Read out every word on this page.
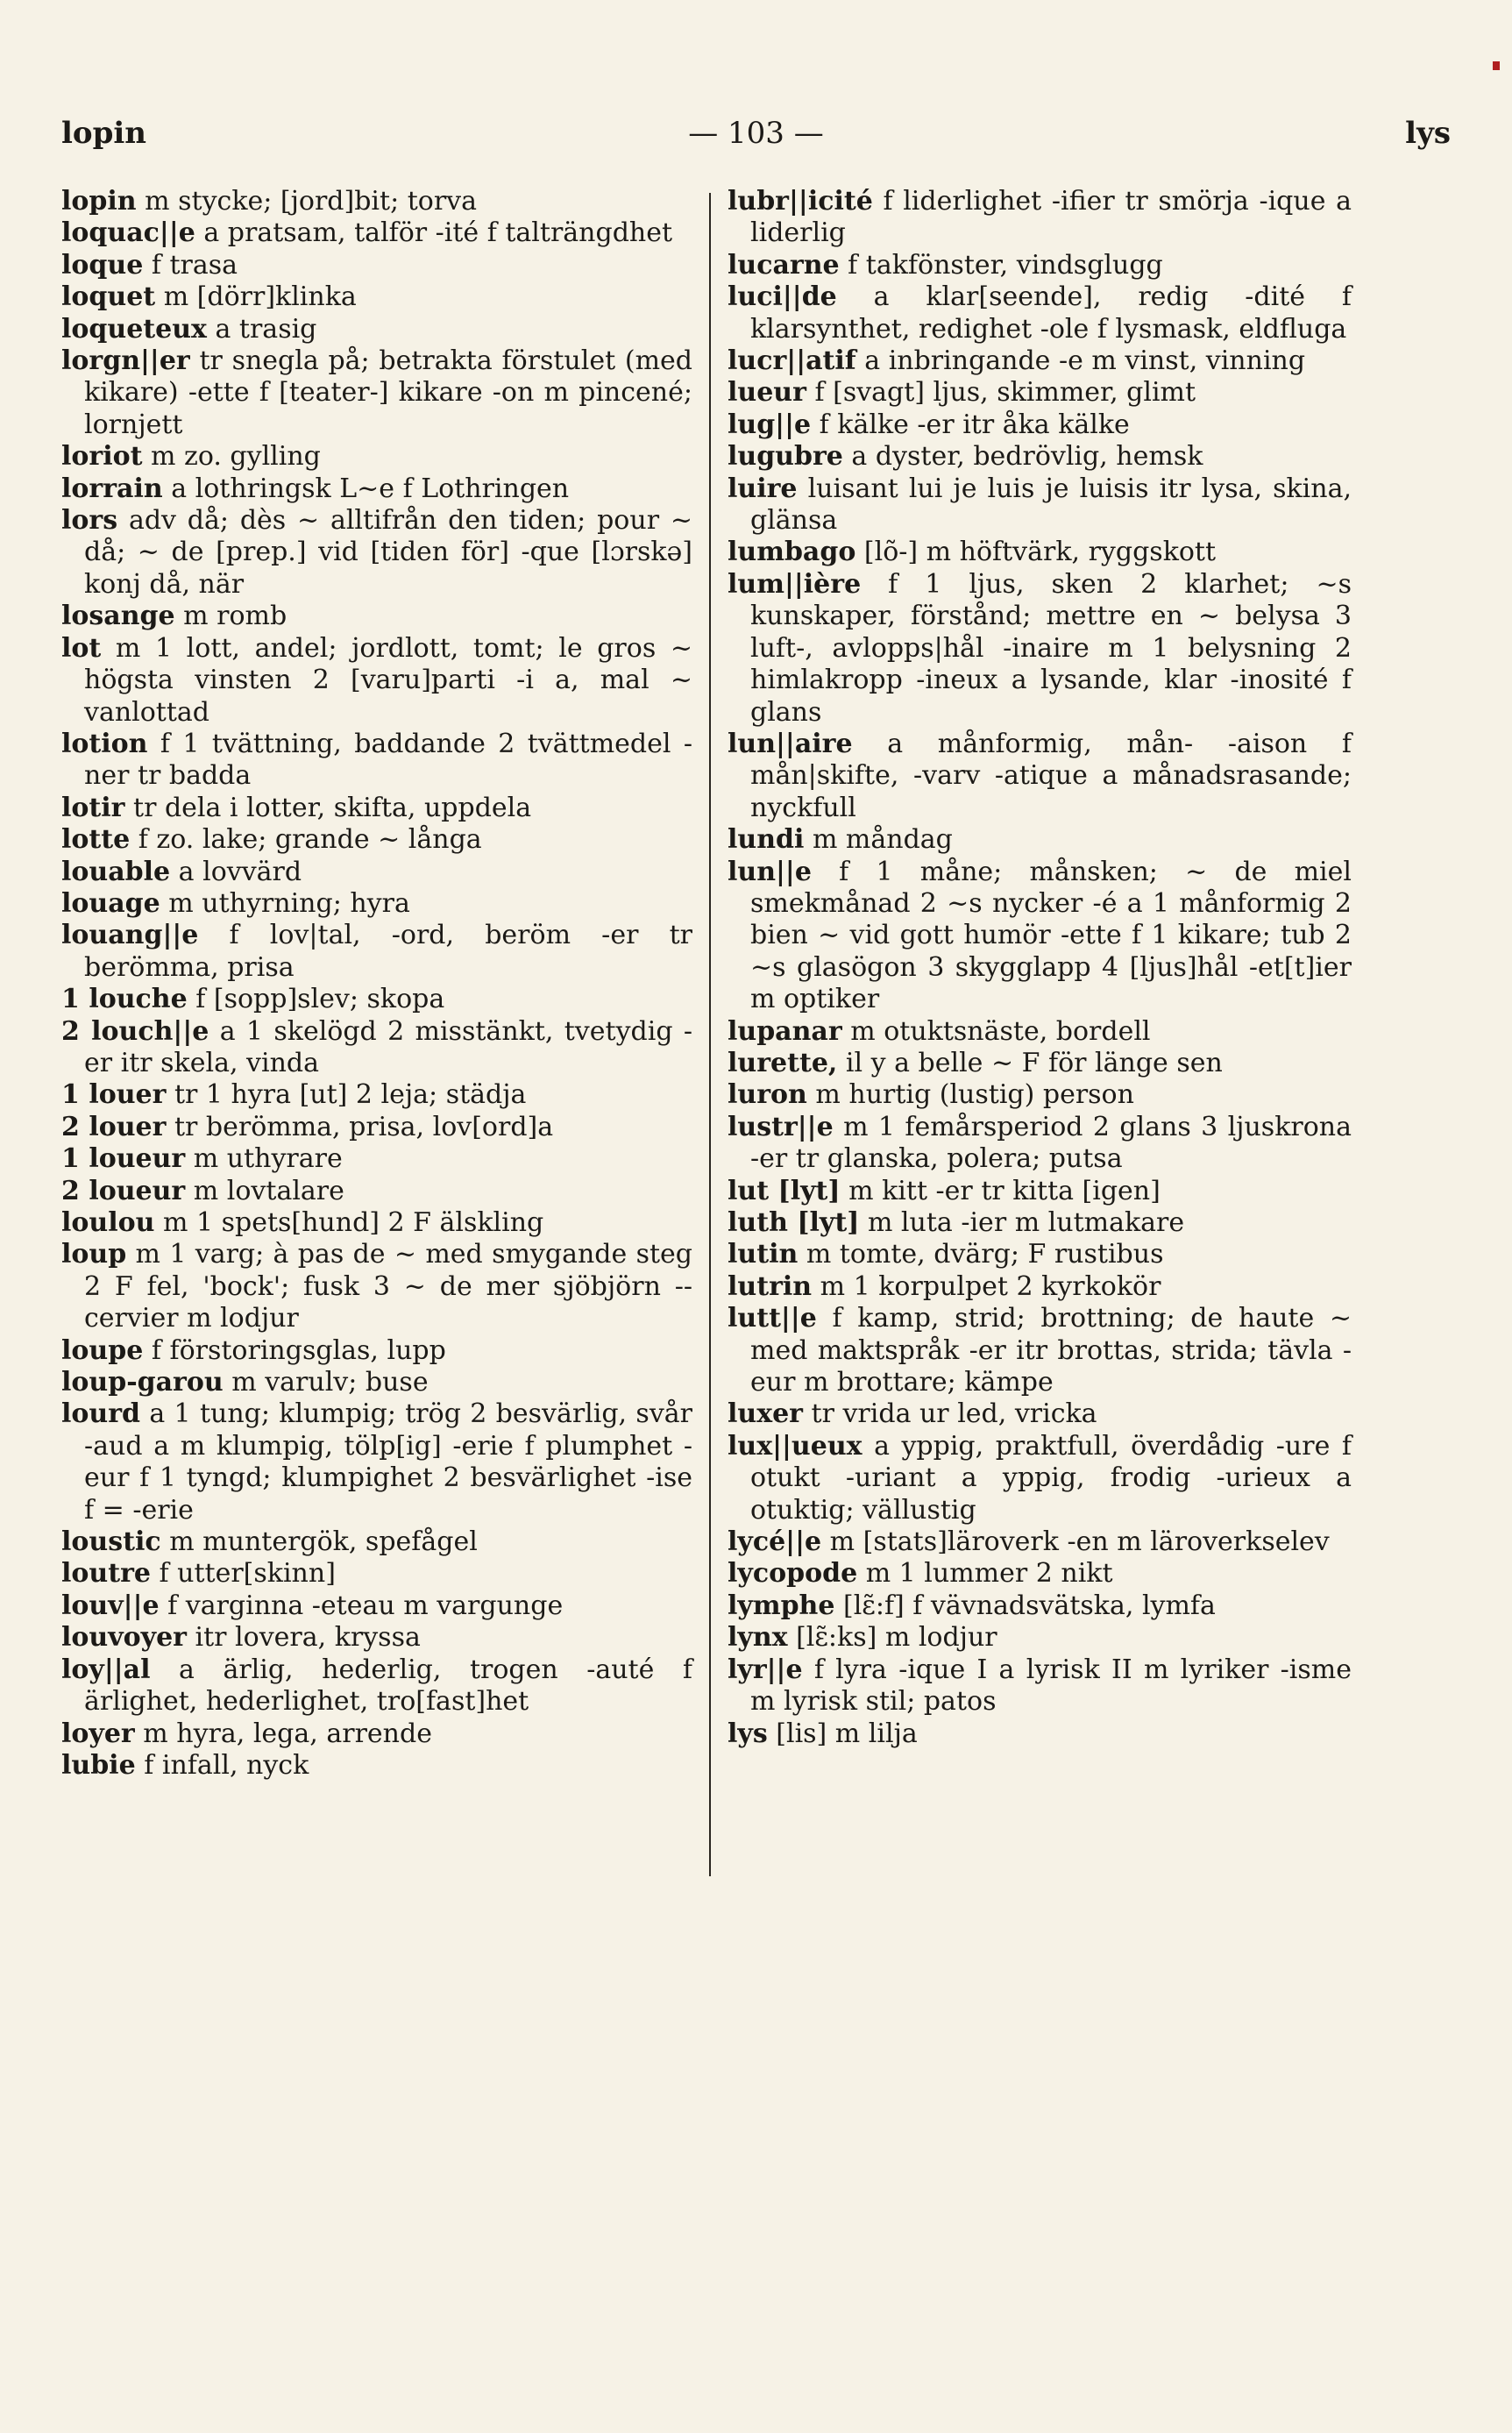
lopin	— 103 —	lys
lopin m stycke; [jord]bit; torva
loquac||e a pratsam, talför -ité f talträngdhet
loque f trasa
loquet m [dörr]klinka
loqueteux a trasig
lorgn||er tr snegla på; betrakta förstulet (med kikare) -ette f [teater-] kikare -on m pincené; lornjett
loriot m zo. gylling
lorrain a lothringsk L~e f Lothringen
lors adv då; dès ~ alltifrån den tiden; pour ~ då; ~ de [prep.] vid [tiden för] -que [lɔrskə] konj då, när
losange m romb
lot m 1 lott, andel; jordlott, tomt; le gros ~ högsta vinsten 2 [varu]parti -i a, mal ~ vanlottad
lotion f 1 tvättning, baddande 2 tvättmedel -ner tr badda
lotir tr dela i lotter, skifta, uppdela
lotte f zo. lake; grande ~ långa
louable a lovvärd
louage m uthyrning; hyra
louang||e f lov|tal, -ord, beröm -er tr berömma, prisa
1 louche f [sopp]slev; skopa
2 louch||e a 1 skelögd 2 misstänkt, tvetydig -er itr skela, vinda
1 louer tr 1 hyra [ut] 2 leja; städja
2 louer tr berömma, prisa, lov[ord]a
1 loueur m uthyrare
2 loueur m lovtalare
loulou m 1 spets[hund] 2 F älskling
loup m 1 varg; à pas de ~ med smygande steg 2 F fel, 'bock'; fusk 3 ~ de mer sjöbjörn --cervier m lodjur
loupe f förstoringsglas, lupp
loup-garou m varulv; buse
lourd a 1 tung; klumpig; trög 2 besvärlig, svår -aud a m klumpig, tölp[ig] -erie f plumphet -eur f 1 tyngd; klumpighet 2 besvärlighet -ise f = -erie
loustic m muntergök, spefågel
loutre f utter[skinn]
louv||e f varginna -eteau m vargunge
louvoyer itr lovera, kryssa
loy||al a ärlig, hederlig, trogen -auté f ärlighet, hederlighet, tro[fast]het
loyer m hyra, lega, arrende
lubie f infall, nyck
lubr||icité f liderlighet -ifier tr smörja -ique a liderlig
lucarne f takfönster, vindsglugg
luci||de a klar[seende], redig -dité f klarsynthet, redighet -ole f lysmask, eldfluga
lucr||atif a inbringande -e m vinst, vinning
lueur f [svagt] ljus, skimmer, glimt
lug||e f kälke -er itr åka kälke
lugubre a dyster, bedrövlig, hemsk
luire luisant lui je luis je luisis itr lysa, skina, glänsa
lumbago [lõ-] m höftvärk, ryggskott
lum||ière f 1 ljus, sken 2 klarhet; ~s kunskaper, förstånd; mettre en ~ belysa 3 luft-, avlopps|hål -inaire m 1 belysning 2 himlakropp -ineux a lysande, klar -inosité f glans
lun||aire a månformig, mån- -aison f mån|skifte, -varv -atique a månadsrasande; nyckfull
lundi m måndag
lun||e f 1 måne; månsken; ~ de miel smekmånad 2 ~s nycker -é a 1 månformig 2 bien ~ vid gott humör -ette f 1 kikare; tub 2 ~s glasögon 3 skygglapp 4 [ljus]hål -et[t]ier m optiker
lupanar m otuktsnäste, bordell
lurette, il y a belle ~ F för länge sen
luron m hurtig (lustig) person
lustr||e m 1 femårsperiod 2 glans 3 ljuskrona -er tr glanska, polera; putsa
lut [lyt] m kitt -er tr kitta [igen]
luth [lyt] m luta -ier m lutmakare
lutin m tomte, dvärg; F rustibus
lutrin m 1 korpulpet 2 kyrkokör
lutt||e f kamp, strid; brottning; de haute ~ med maktspråk -er itr brottas, strida; tävla -eur m brottare; kämpe
luxer tr vrida ur led, vricka
lux||ueux a yppig, praktfull, överdådig -ure f otukt -uriant a yppig, frodig -urieux a otuktig; vällustig
lycé||e m [stats]läroverk -en m läroverkselev
lycopode m 1 lummer 2 nikt
lymphe [lɛ̃:f] f vävnadsvätska, lymfa
lynx [lɛ̃:ks] m lodjur
lyr||e f lyra -ique I a lyrisk II m lyriker -isme m lyrisk stil; patos
lys [lis] m lilja
